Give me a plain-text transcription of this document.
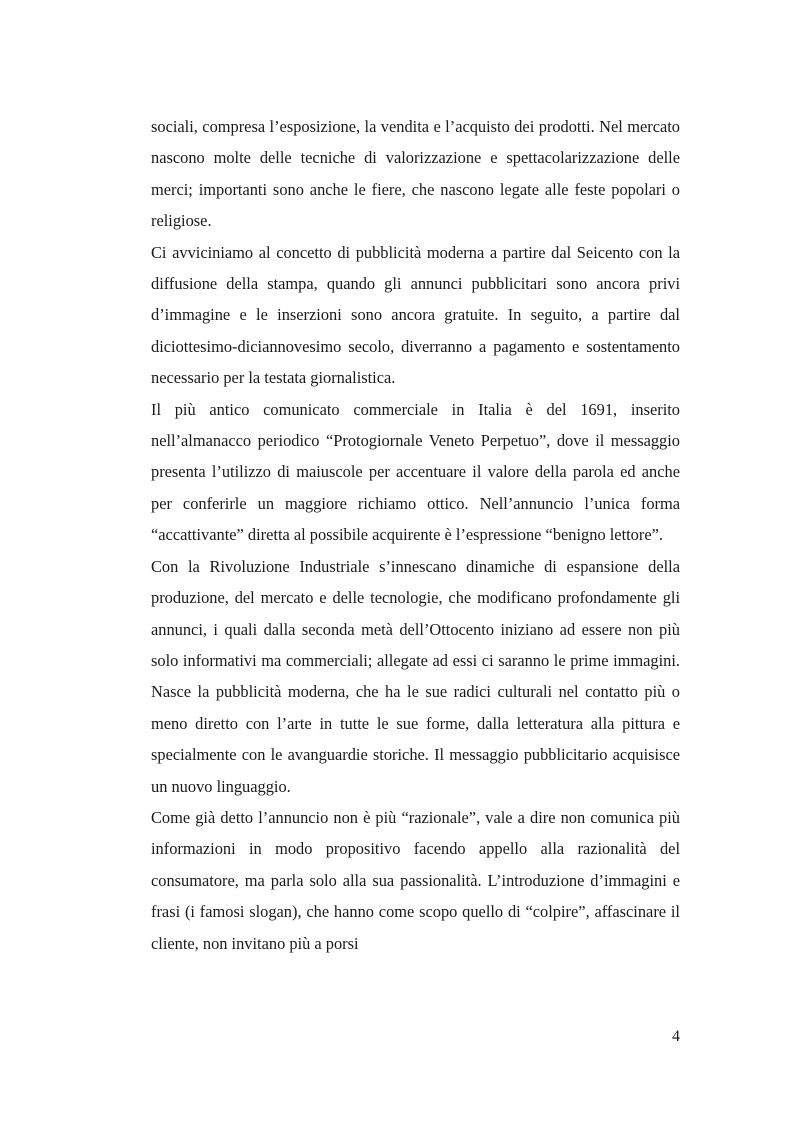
sociali, compresa l’esposizione, la vendita e l’acquisto dei prodotti. Nel mercato nascono molte delle tecniche di valorizzazione e spettacolarizzazione delle merci; importanti sono anche le fiere, che nascono legate alle feste popolari o religiose.

Ci avviciniamo al concetto di pubblicità moderna a partire dal Seicento con la diffusione della stampa, quando gli annunci pubblicitari sono ancora privi d’immagine e le inserzioni sono ancora gratuite. In seguito, a partire dal diciottesimo-diciannovesimo secolo, diverranno a pagamento e sostentamento necessario per la testata giornalistica.

Il più antico comunicato commerciale in Italia è del 1691, inserito nell’almanacco periodico “Protogiornale Veneto Perpetuo”, dove il messaggio presenta l’utilizzo di maiuscole per accentuare il valore della parola ed anche per conferirle un maggiore richiamo ottico. Nell’annuncio l’unica forma “accattivante” diretta al possibile acquirente è l’espressione “benigno lettore”.

Con la Rivoluzione Industriale s’innescano dinamiche di espansione della produzione, del mercato e delle tecnologie, che modificano profondamente gli annunci, i quali dalla seconda metà dell’Ottocento iniziano ad essere non più solo informativi ma commerciali; allegate ad essi ci saranno le prime immagini. Nasce la pubblicità moderna, che ha le sue radici culturali nel contatto più o meno diretto con l’arte in tutte le sue forme, dalla letteratura alla pittura e specialmente con le avanguardie storiche. Il messaggio pubblicitario acquisisce un nuovo linguaggio.

Come già detto l’annuncio non è più “razionale”, vale a dire non comunica più informazioni in modo propositivo facendo appello alla razionalità del consumatore, ma parla solo alla sua passionalità. L’introduzione d’immagini e frasi (i famosi slogan), che hanno come scopo quello di “colpire”, affascinare il cliente, non invitano più a porsi

4
